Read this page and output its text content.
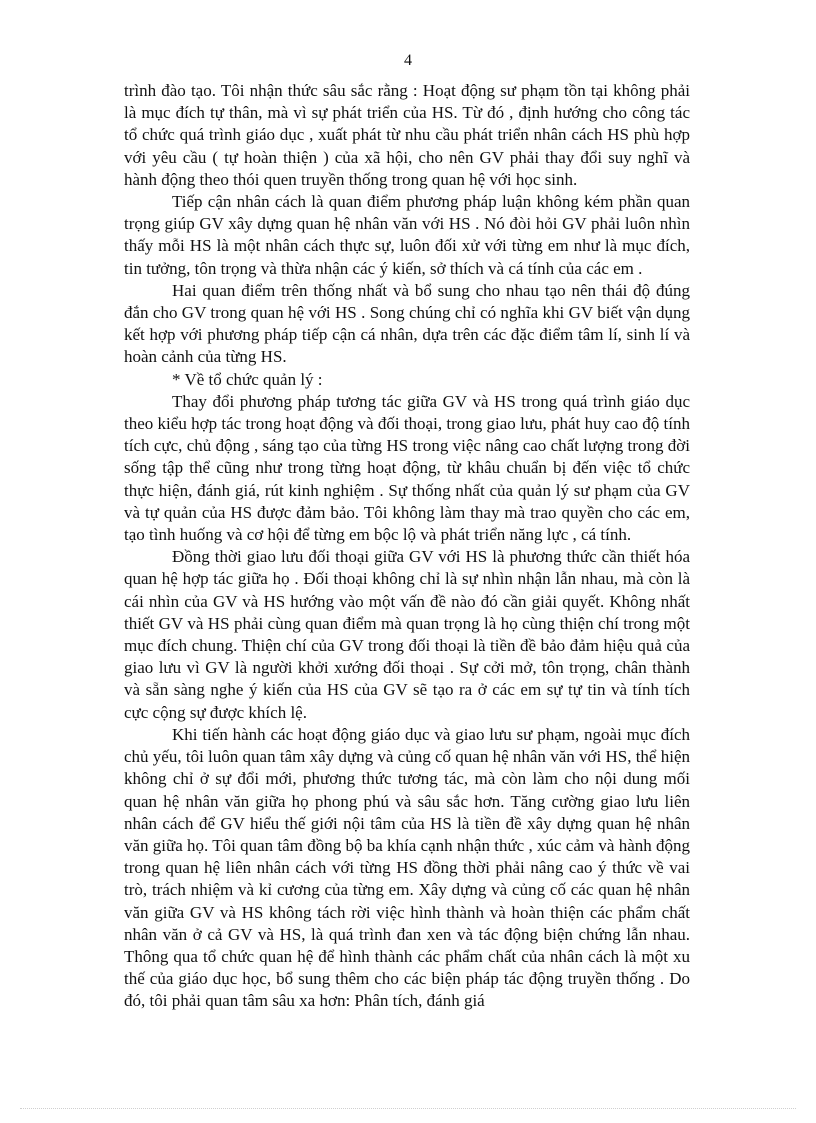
4

trình đào tạo. Tôi nhận thức sâu sắc rằng : Hoạt động sư phạm tồn tại không phải là mục đích tự thân, mà vì sự phát triển của HS. Từ đó , định hướng cho công tác tổ chức quá trình giáo dục , xuất phát từ nhu cầu phát triển nhân cách HS phù hợp với yêu cầu ( tự hoàn thiện ) của xã hội, cho nên GV phải thay đổi suy nghĩ và hành động theo thói quen truyền thống trong quan hệ với học sinh.

Tiếp cận nhân cách là quan điểm phương pháp luận không kém phần quan trọng giúp GV xây dựng quan hệ nhân văn với HS . Nó đòi hỏi GV phải luôn nhìn thấy mỗi HS là một nhân cách thực sự, luôn đối xử với từng em như là mục đích, tin tưởng, tôn trọng và thừa nhận các ý kiến, sở thích và cá tính của các em .

Hai quan điểm trên thống nhất và bổ sung cho nhau tạo nên thái độ đúng đắn cho GV trong quan hệ với HS . Song chúng chỉ có nghĩa khi GV biết vận dụng kết hợp với phương pháp tiếp cận cá nhân, dựa trên các đặc điểm tâm lí, sinh lí và hoàn cảnh của từng HS.

* Về tổ chức quản lý :

Thay đổi phương pháp tương tác giữa GV và HS trong quá trình giáo dục theo kiểu hợp tác trong hoạt động và đối thoại, trong giao lưu, phát huy cao độ tính tích cực, chủ động , sáng tạo của từng HS trong việc nâng cao chất lượng trong đời sống tập thể cũng như trong từng hoạt động, từ khâu chuẩn bị đến việc tổ chức thực hiện, đánh giá, rút kinh nghiệm . Sự thống nhất của quản lý sư phạm của GV và tự quản của HS được đảm bảo. Tôi không làm thay mà trao quyền cho các em, tạo tình huống và cơ hội để từng em bộc lộ và phát triển năng lực , cá tính.

Đồng thời giao lưu đối thoại giữa GV với HS là phương thức cần thiết hóa quan hệ hợp tác giữa họ . Đối thoại không chỉ là sự nhìn nhận lẫn nhau, mà còn là cái nhìn của GV và HS hướng vào một vấn đề nào đó cần giải quyết. Không nhất thiết GV và HS phải cùng quan điểm mà quan trọng là họ cùng thiện chí trong một mục đích chung. Thiện chí của GV trong đối thoại là tiền đề bảo đảm hiệu quả của giao lưu vì GV là người khởi xướng đối thoại . Sự cởi mở, tôn trọng, chân thành và sẵn sàng nghe ý kiến của HS của GV sẽ tạo ra ở các em sự tự tin và tính tích cực cộng sự được khích lệ.

Khi tiến hành các hoạt động giáo dục và giao lưu sư phạm, ngoài mục đích chủ yếu, tôi luôn quan tâm xây dựng và củng cố quan hệ nhân văn với HS, thể hiện không chỉ ở sự đổi mới, phương thức tương tác, mà còn làm cho nội dung mối quan hệ nhân văn giữa họ phong phú và sâu sắc hơn. Tăng cường giao lưu liên nhân cách để GV hiểu thế giới nội tâm của HS là tiền đề xây dựng quan hệ nhân văn giữa họ. Tôi quan tâm đồng bộ ba khía cạnh nhận thức , xúc cảm và hành động trong quan hệ liên nhân cách với từng HS đồng thời phải nâng cao ý thức về vai trò, trách nhiệm và kỉ cương của từng em. Xây dựng và củng cố các quan hệ nhân văn giữa GV và HS không tách rời việc hình thành và hoàn thiện các phẩm chất nhân văn ở cả GV và HS, là quá trình đan xen và tác động biện chứng lẫn nhau. Thông qua tổ chức quan hệ để hình thành các phẩm chất của nhân cách là một xu thế của giáo dục học, bổ sung thêm cho các biện pháp tác động truyền thống . Do đó, tôi phải quan tâm sâu xa hơn: Phân tích, đánh giá
